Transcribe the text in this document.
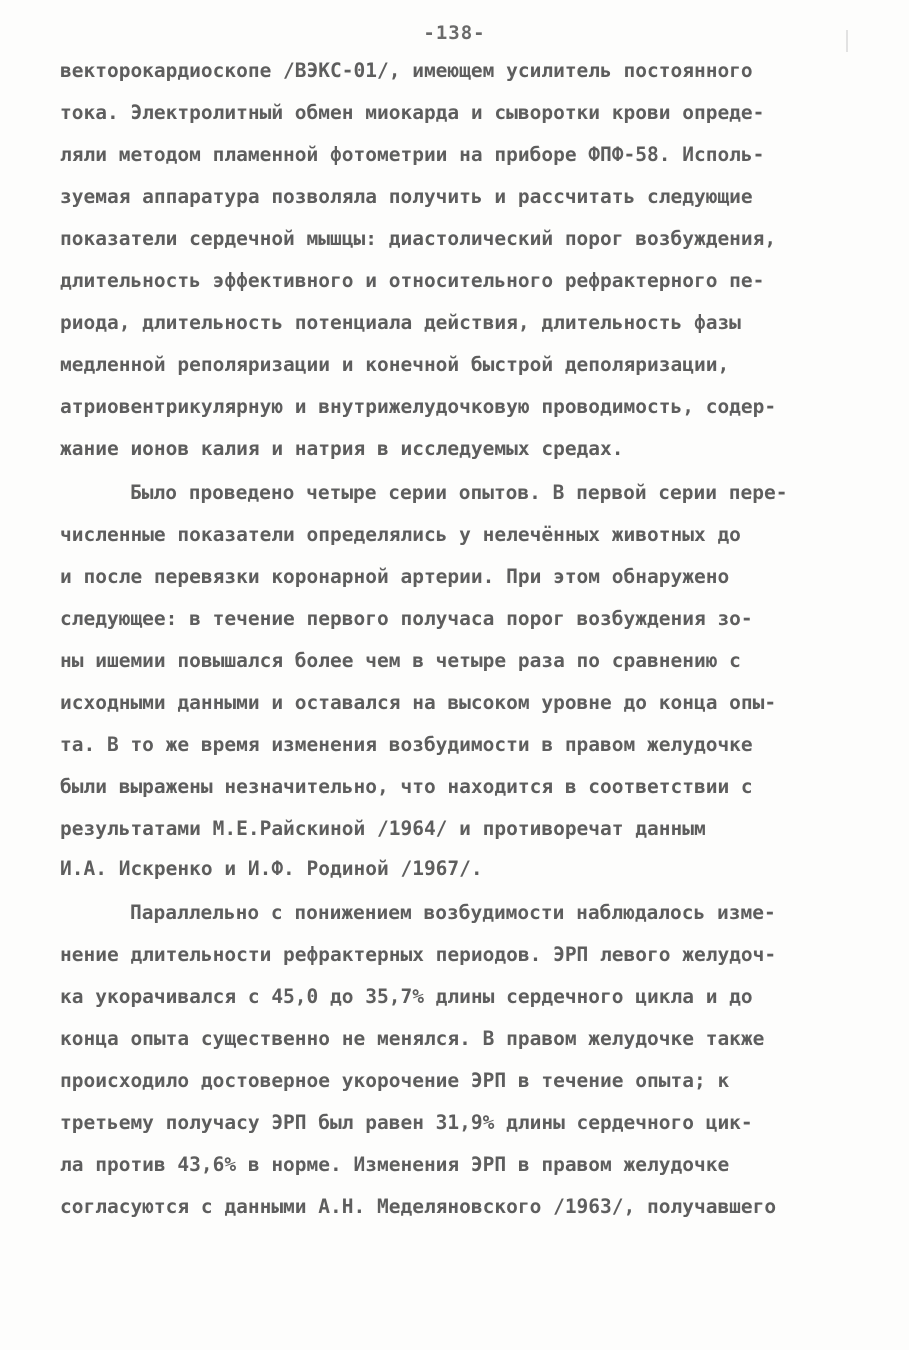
-138-
векторокардиоскопе /ВЭКС-01/, имеющем усилитель постоянного
тока. Электролитный обмен миокарда и сыворотки крови опреде-
ляли методом пламенной фотометрии на приборе ФПФ-58. Исполь-
зуемая аппаратура позволяла получить и рассчитать следующие
показатели сердечной мышцы: диастолический порог возбуждения,
длительность эффективного и относительного рефрактерного пе-
риода, длительность потенциала действия, длительность фазы
медленной реполяризации и конечной быстрой деполяризации,
атриовентрикулярную и внутрижелудочковую проводимость, содер-
жание ионов калия и натрия в исследуемых средах.
Было проведено четыре серии опытов. В первой серии пере-
численные показатели определялись у нелечённых животных до
и после перевязки коронарной артерии. При этом обнаружено
следующее: в течение первого получаса порог возбуждения зо-
ны ишемии повышался более чем в четыре раза по сравнению с
исходными данными и оставался на высоком уровне до конца опы-
та. В то же время изменения возбудимости в правом желудочке
были выражены незначительно, что находится в соответствии с
результатами М.Е.Райскиной /1964/ и противоречат данным
И.А. Искренко и И.Ф. Родиной /1967/.
Параллельно с понижением возбудимости наблюдалось изме-
нение длительности рефрактерных периодов. ЭРП левого желудоч-
ка укорачивался с 45,0 до 35,7% длины сердечного цикла и до
конца опыта существенно не менялся. В правом желудочке также
происходило достоверное укорочение ЭРП в течение опыта; к
третьему получасу ЭРП был равен 31,9% длины сердечного цик-
ла против 43,6% в норме. Изменения ЭРП в правом желудочке
согласуются с данными А.Н. Меделяновского /1963/, получавшего
